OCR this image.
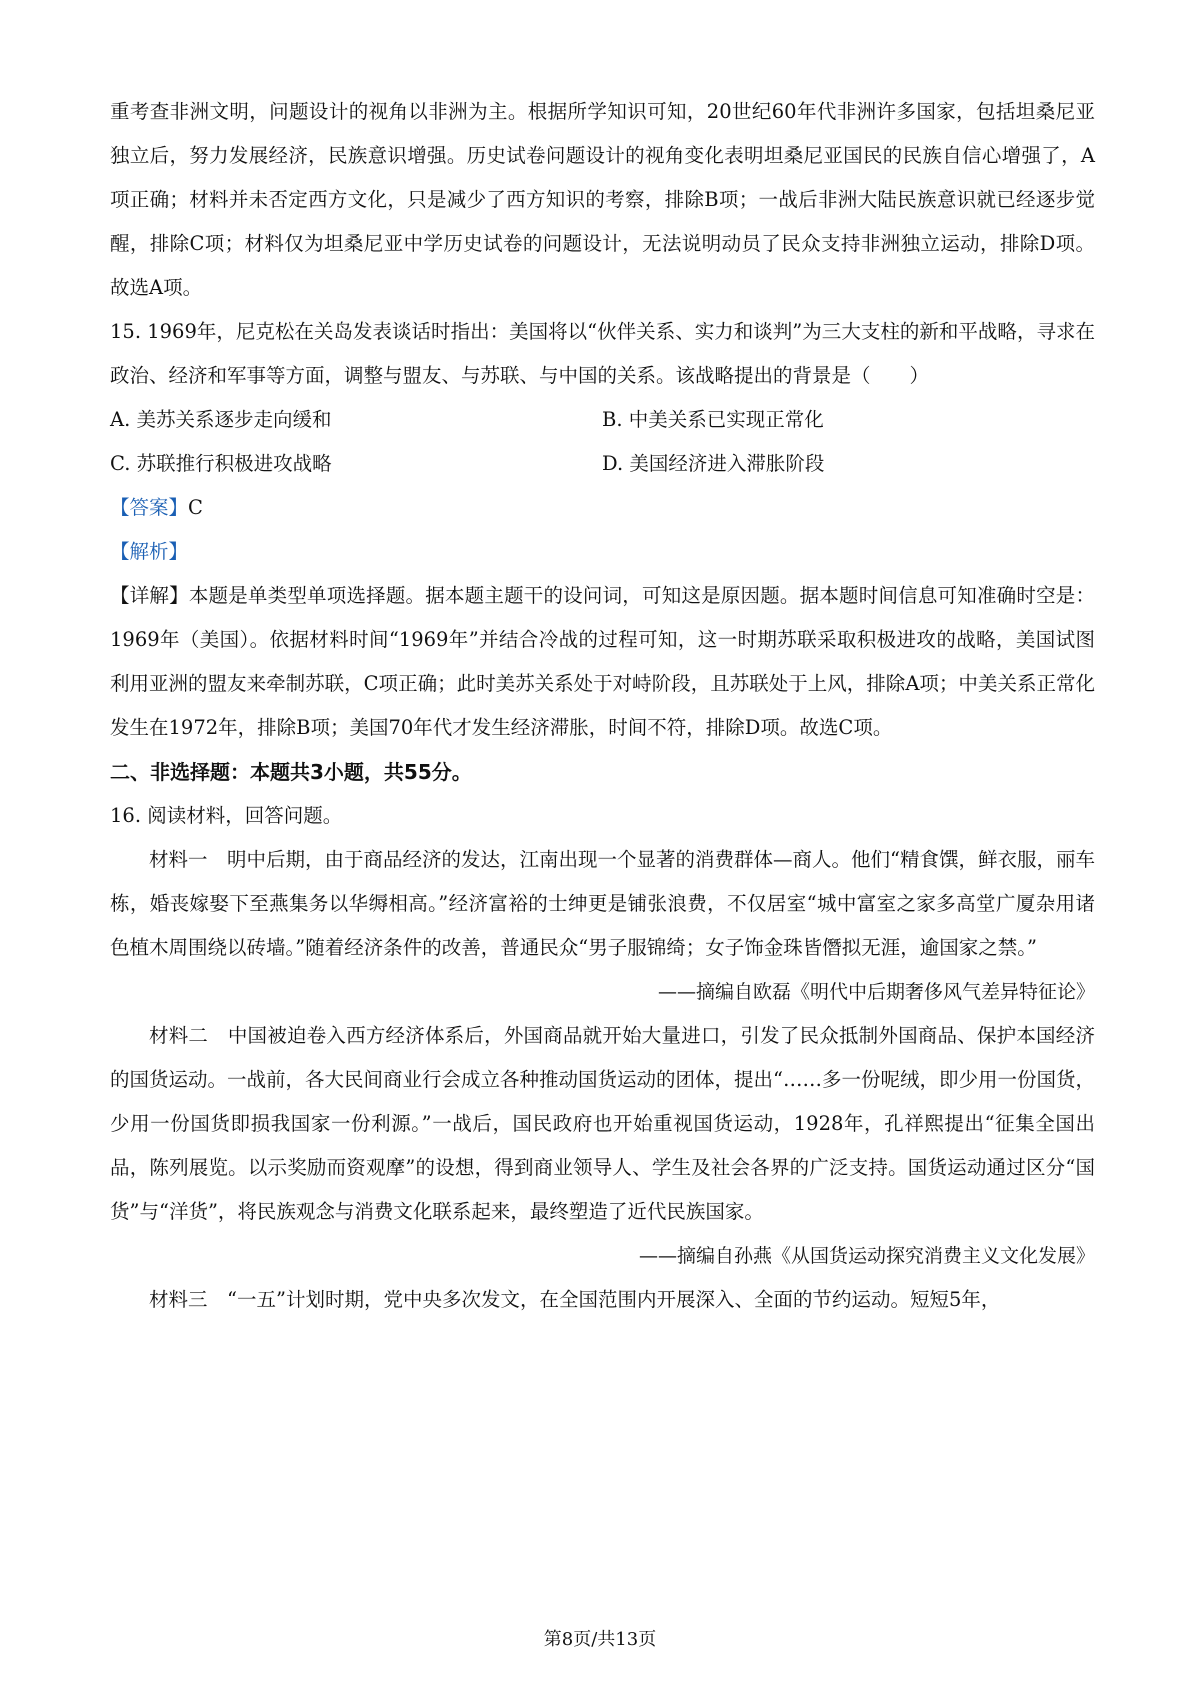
重考查非洲文明，问题设计的视角以非洲为主。根据所学知识可知，20世纪60年代非洲许多国家，包括坦桑尼亚独立后，努力发展经济，民族意识增强。历史试卷问题设计的视角变化表明坦桑尼亚国民的民族自信心增强了，A项正确；材料并未否定西方文化，只是减少了西方知识的考察，排除B项；一战后非洲大陆民族意识就已经逐步觉醒，排除C项；材料仅为坦桑尼亚中学历史试卷的问题设计，无法说明动员了民众支持非洲独立运动，排除D项。故选A项。

15. 1969年，尼克松在关岛发表谈话时指出：美国将以“伙伴关系、实力和谈判”为三大支柱的新和平战略，寻求在政治、经济和军事等方面，调整与盟友、与苏联、与中国的关系。该战略提出的背景是（　　）

A. 美苏关系逐步走向缓和	B. 中美关系已实现正常化
C. 苏联推行积极进攻战略	D. 美国经济进入滞胀阶段

【答案】C

【解析】

【详解】本题是单类型单项选择题。据本题主题干的设问词，可知这是原因题。据本题时间信息可知准确时空是：1969年（美国）。依据材料时间“1969年”并结合冷战的过程可知，这一时期苏联采取积极进攻的战略，美国试图利用亚洲的盟友来牵制苏联，C项正确；此时美苏关系处于对峙阶段，且苏联处于上风，排除A项；中美关系正常化发生在1972年，排除B项；美国70年代才发生经济滞胀，时间不符，排除D项。故选C项。

二、非选择题：本题共3小题，共55分。

16. 阅读材料，回答问题。

材料一　明中后期，由于商品经济的发达，江南出现一个显著的消费群体—商人。他们“精食馔，鲜衣服，丽车栋，婚丧嫁娶下至燕集务以华缛相高。”经济富裕的士绅更是铺张浪费，不仅居室“城中富室之家多高堂广厦杂用诸色植木周围绕以砖墙。”随着经济条件的改善，普通民众“男子服锦绮；女子饰金珠皆僭拟无涯，逾国家之禁。”

——摘编自欧磊《明代中后期奢侈风气差异特征论》

材料二　中国被迫卷入西方经济体系后，外国商品就开始大量进口，引发了民众抵制外国商品、保护本国经济的国货运动。一战前，各大民间商业行会成立各种推动国货运动的团体，提出“……多一份呢绒，即少用一份国货，少用一份国货即损我国家一份利源。”一战后，国民政府也开始重视国货运动，1928年，孔祥熙提出“征集全国出品，陈列展览。以示奖励而资观摩”的设想，得到商业领导人、学生及社会各界的广泛支持。国货运动通过区分“国货”与“洋货”，将民族观念与消费文化联系起来，最终塑造了近代民族国家。

——摘编自孙燕《从国货运动探究消费主义文化发展》

材料三　“一五”计划时期，党中央多次发文，在全国范围内开展深入、全面的节约运动。短短5年，

第8页/共13页
